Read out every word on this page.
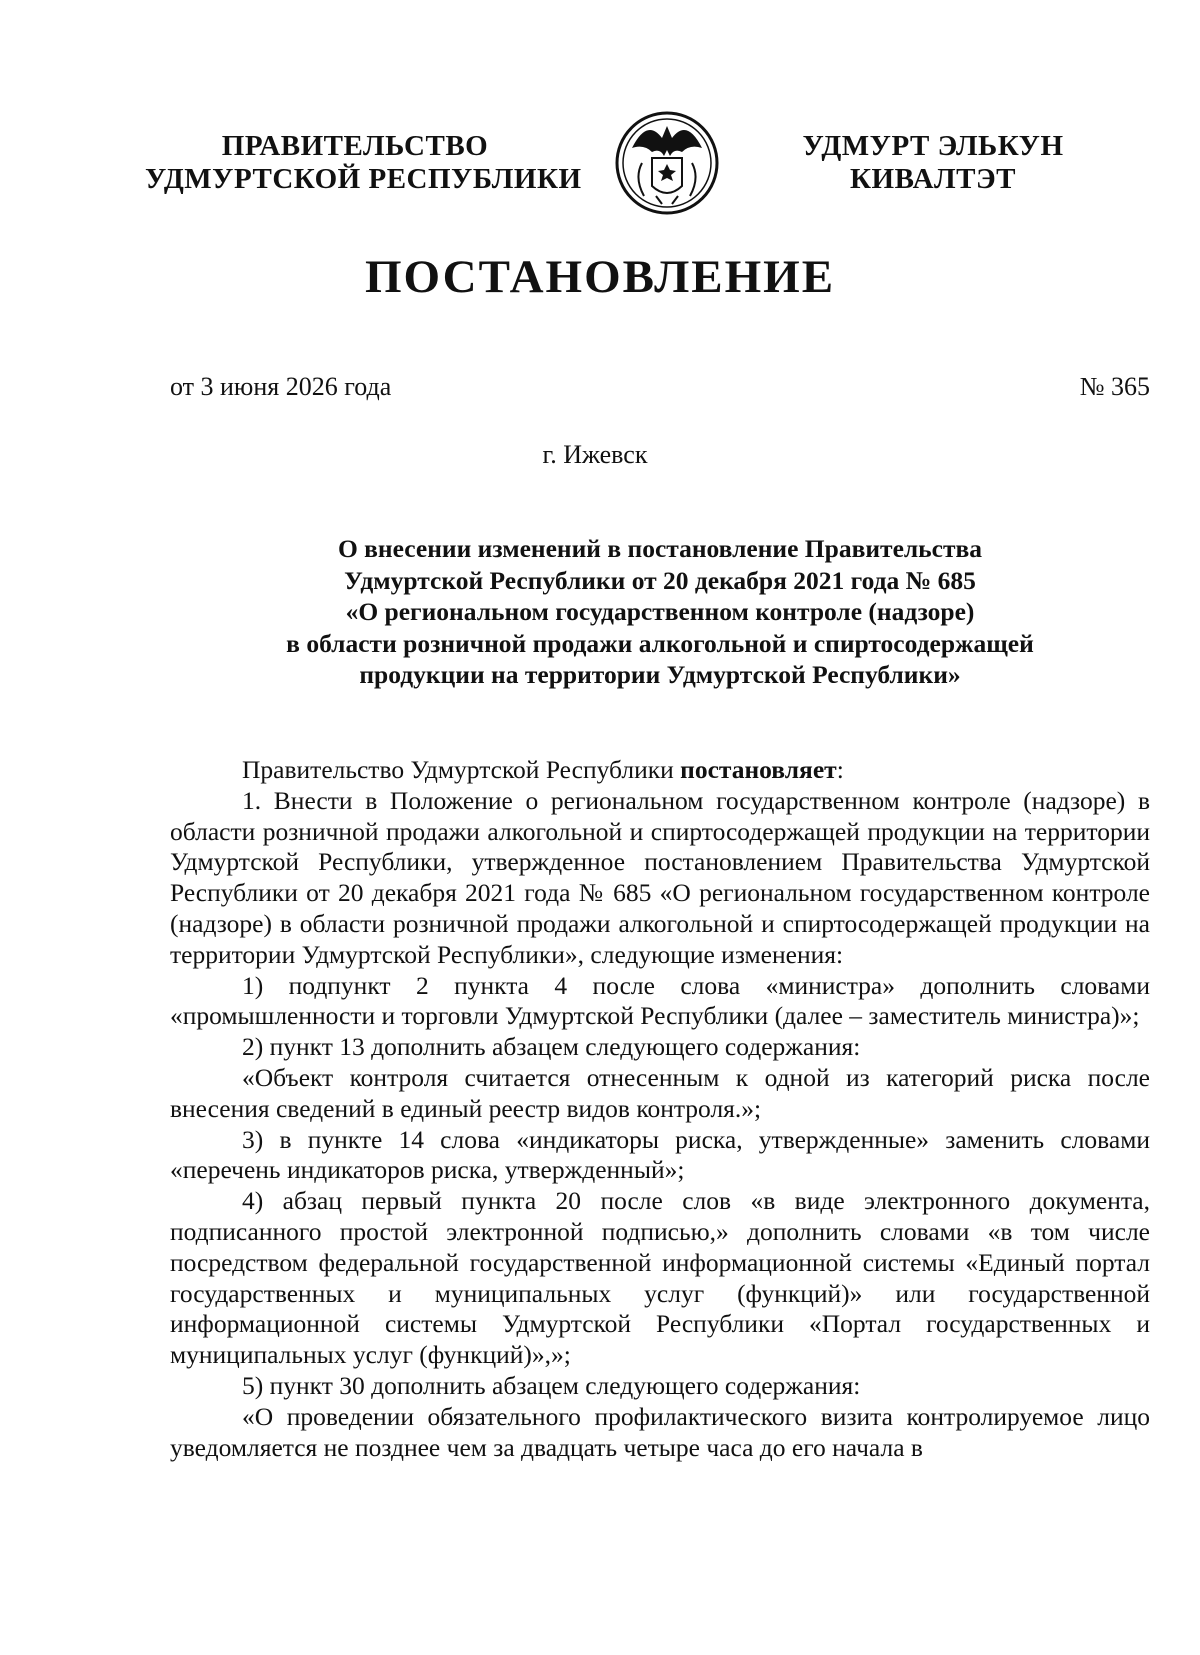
ПРАВИТЕЛЬСТВО
УДМУРТСКОЙ РЕСПУБЛИКИ
УДМУРТ ЭЛЬКУН
КИВАЛТЭТ
ПОСТАНОВЛЕНИЕ
от 3 июня 2026 года	№ 365
г. Ижевск
О внесении изменений в постановление Правительства
Удмуртской Республики от 20 декабря 2021 года № 685
«О региональном государственном контроле (надзоре)
в области розничной продажи алкогольной и спиртосодержащей
продукции на территории Удмуртской Республики»

Правительство Удмуртской Республики постановляет:

1. Внести в Положение о региональном государственном контроле (надзоре) в области розничной продажи алкогольной и спиртосодержащей продукции на территории Удмуртской Республики, утвержденное постановлением Правительства Удмуртской Республики от 20 декабря 2021 года № 685 «О региональном государственном контроле (надзоре) в области розничной продажи алкогольной и спиртосодержащей продукции на территории Удмуртской Республики», следующие изменения:

1) подпункт 2 пункта 4 после слова «министра» дополнить словами «промышленности и торговли Удмуртской Республики (далее – заместитель министра)»;

2) пункт 13 дополнить абзацем следующего содержания:

«Объект контроля считается отнесенным к одной из категорий риска после внесения сведений в единый реестр видов контроля.»;

3) в пункте 14 слова «индикаторы риска, утвержденные» заменить словами «перечень индикаторов риска, утвержденный»;

4) абзац первый пункта 20 после слов «в виде электронного документа, подписанного простой электронной подписью,» дополнить словами «в том числе посредством федеральной государственной информационной системы «Единый портал государственных и муниципальных услуг (функций)» или государственной информационной системы Удмуртской Республики «Портал государственных и муниципальных услуг (функций)»,»;

5) пункт 30 дополнить абзацем следующего содержания:

«О проведении обязательного профилактического визита контролируемое лицо уведомляется не позднее чем за двадцать четыре часа до его начала в
